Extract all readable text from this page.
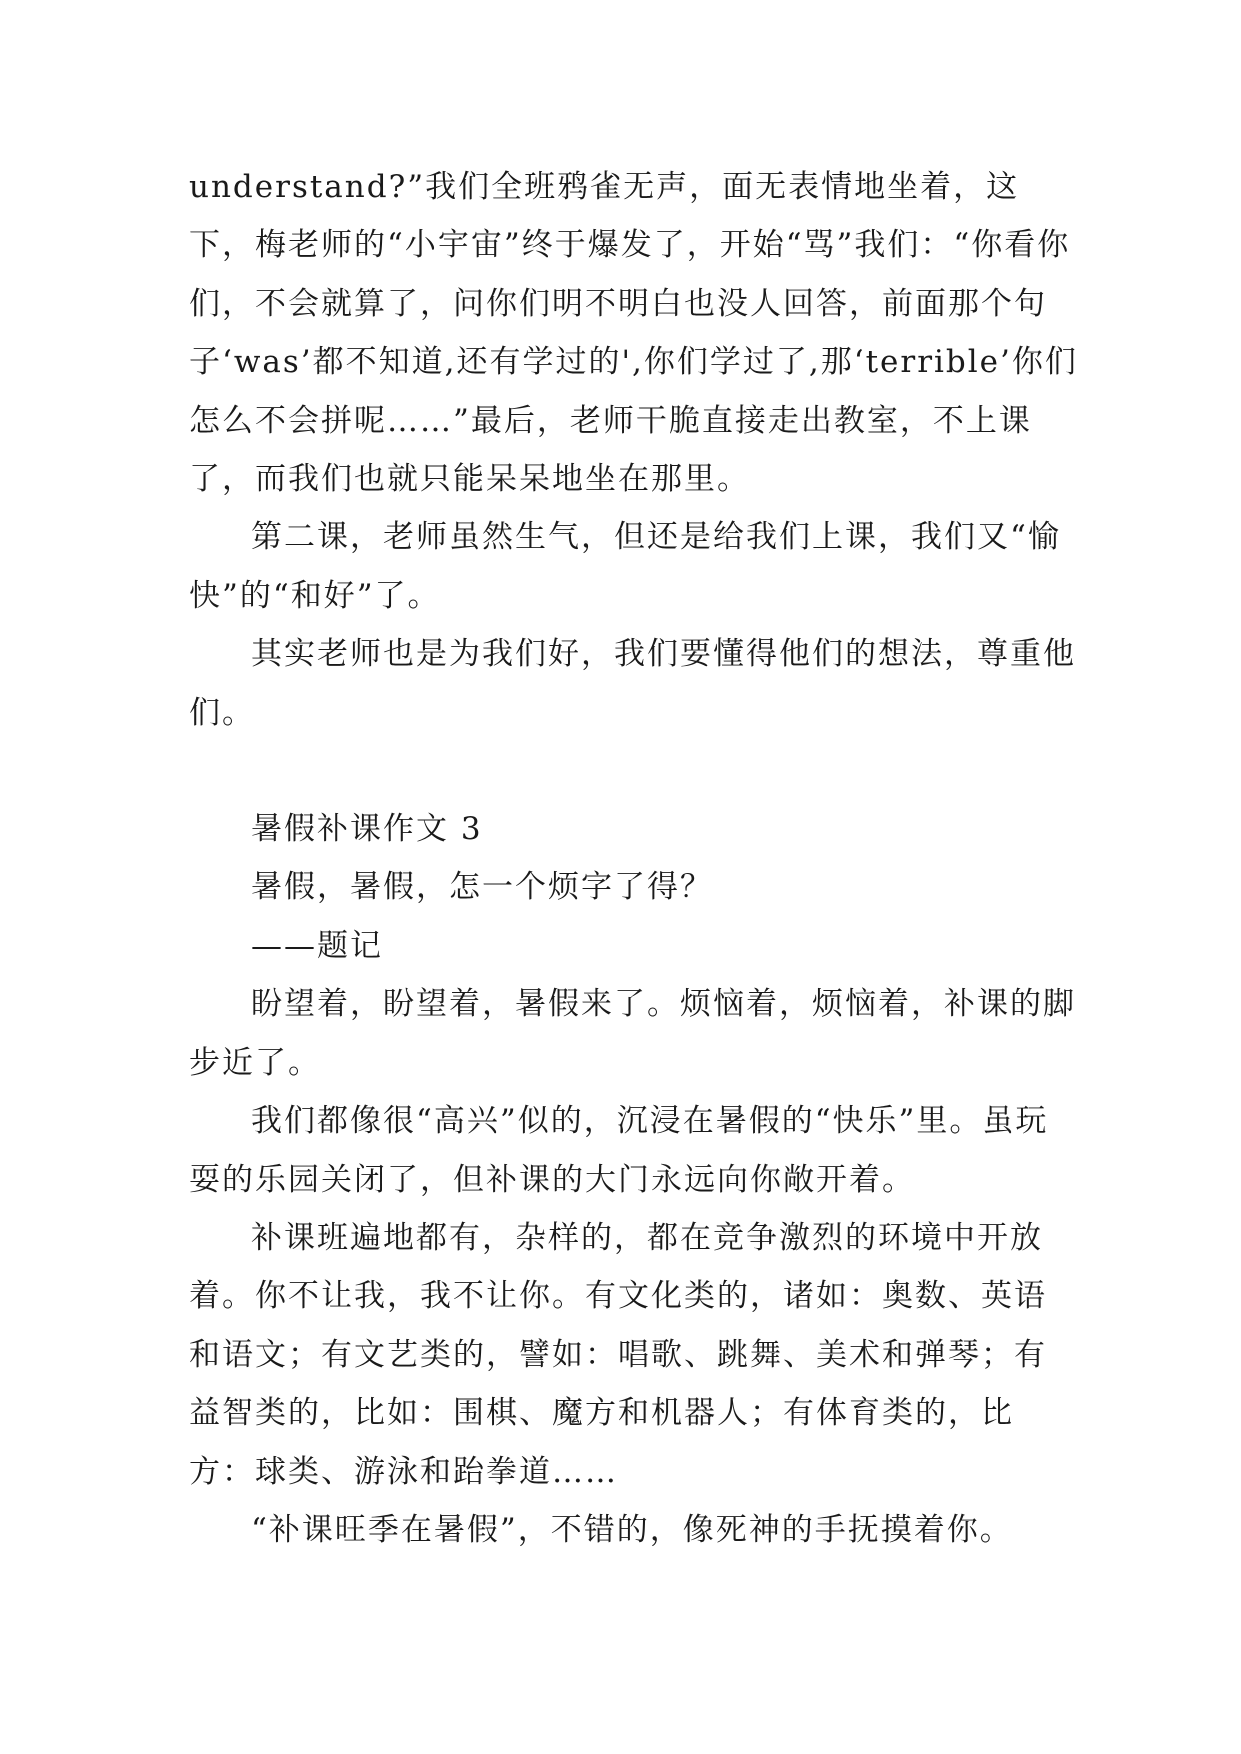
understand?”我们全班鸦雀无声，面无表情地坐着，这下，梅老师的“小宇宙”终于爆发了，开始“骂”我们：“你看你们，不会就算了，问你们明不明白也没人回答，前面那个句子‘was’都不知道,还有学过的',你们学过了,那‘terrible’你们怎么不会拼呢……”最后，老师干脆直接走出教室，不上课了，而我们也就只能呆呆地坐在那里。

第二课，老师虽然生气，但还是给我们上课，我们又“愉快”的“和好”了。

其实老师也是为我们好，我们要懂得他们的想法，尊重他们。

暑假补课作文 3

暑假，暑假，怎一个烦字了得？

——题记

盼望着，盼望着，暑假来了。烦恼着，烦恼着，补课的脚步近了。

我们都像很“高兴”似的，沉浸在暑假的“快乐”里。虽玩耍的乐园关闭了，但补课的大门永远向你敞开着。

补课班遍地都有，杂样的，都在竞争激烈的环境中开放着。你不让我，我不让你。有文化类的，诸如：奥数、英语和语文；有文艺类的，譬如：唱歌、跳舞、美术和弹琴；有益智类的，比如：围棋、魔方和机器人；有体育类的，比方：球类、游泳和跆拳道……

“补课旺季在暑假”，不错的，像死神的手抚摸着你。
